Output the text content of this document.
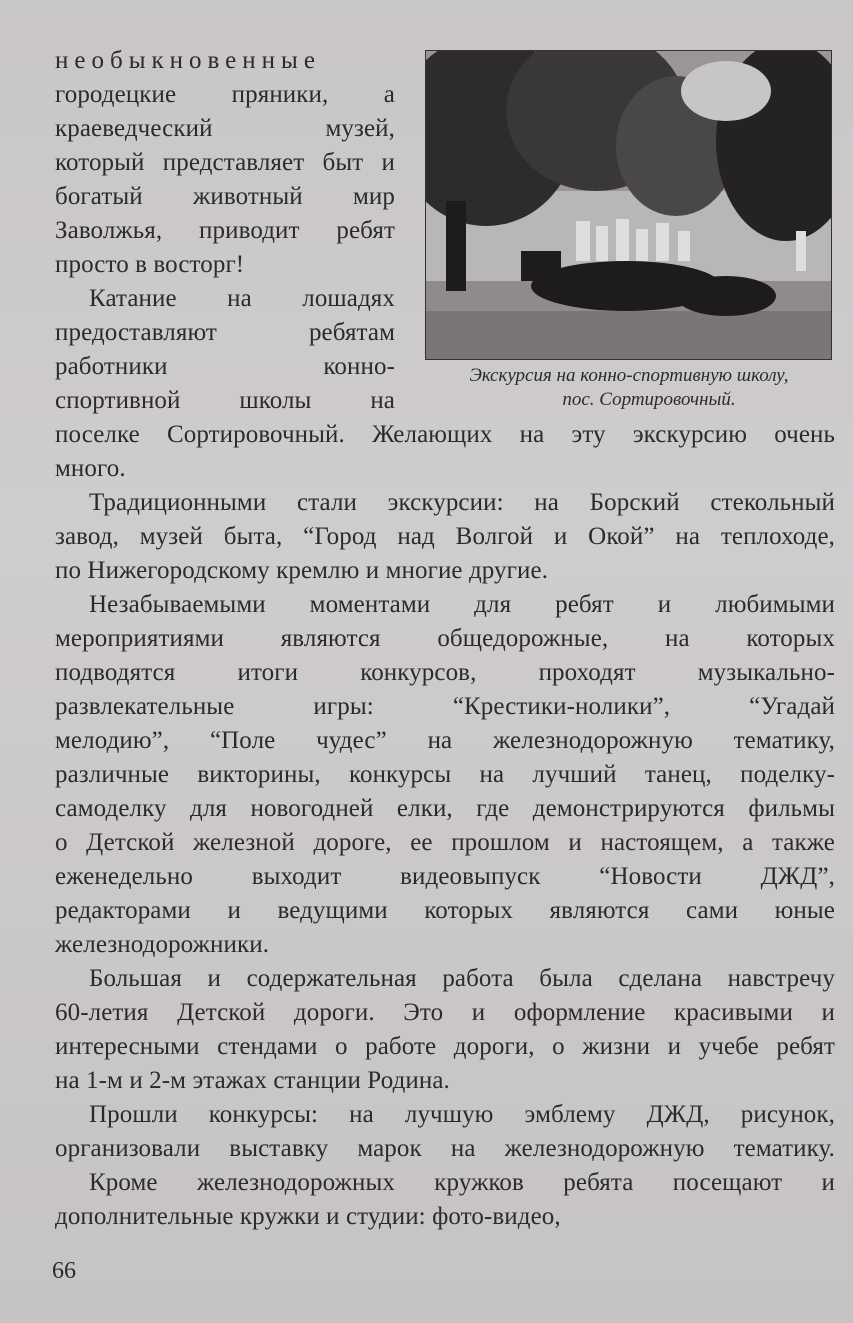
необыкновенные
городецкие пряники, а
краеведческий музей,
который представляет быт и
богатый животный мир
Заволжья, приводит ребят
просто в восторг!
Катание на лошадях
предоставляют ребятам
работники конно-
спортивной школы на
поселке Сортировочный. Желающих на эту экскурсию очень
много.
Традиционными стали экскурсии: на Борский стекольный
завод, музей быта, “Город над Волгой и Окой” на теплоходе,
по Нижегородскому кремлю и многие другие.
Незабываемыми моментами для ребят и любимыми
мероприятиями являются общедорожные, на которых
подводятся итоги конкурсов, проходят музыкально-
развлекательные игры: “Крестики-нолики”, “Угадай
мелодию”, “Поле чудес” на железнодорожную тематику,
различные викторины, конкурсы на лучший танец, поделку-
самоделку для новогодней елки, где демонстрируются фильмы
о Детской железной дороге, ее прошлом и настоящем, а также
еженедельно выходит видеовыпуск “Новости ДЖД”,
редакторами и ведущими которых являются сами юные
железнодорожники.
Большая и содержательная работа была сделана навстречу
60-летия Детской дороги. Это и оформление красивыми и
интересными стендами о работе дороги, о жизни и учебе ребят
на 1-м и 2-м этажах станции Родина.
Прошли конкурсы: на лучшую эмблему ДЖД, рисунок,
организовали выставку марок на железнодорожную тематику.
Кроме железнодорожных кружков ребята посещают и
дополнительные кружки и студии: фото-видео,
Экскурсия на конно-спортивную школу,
пос. Сортировочный.
66
